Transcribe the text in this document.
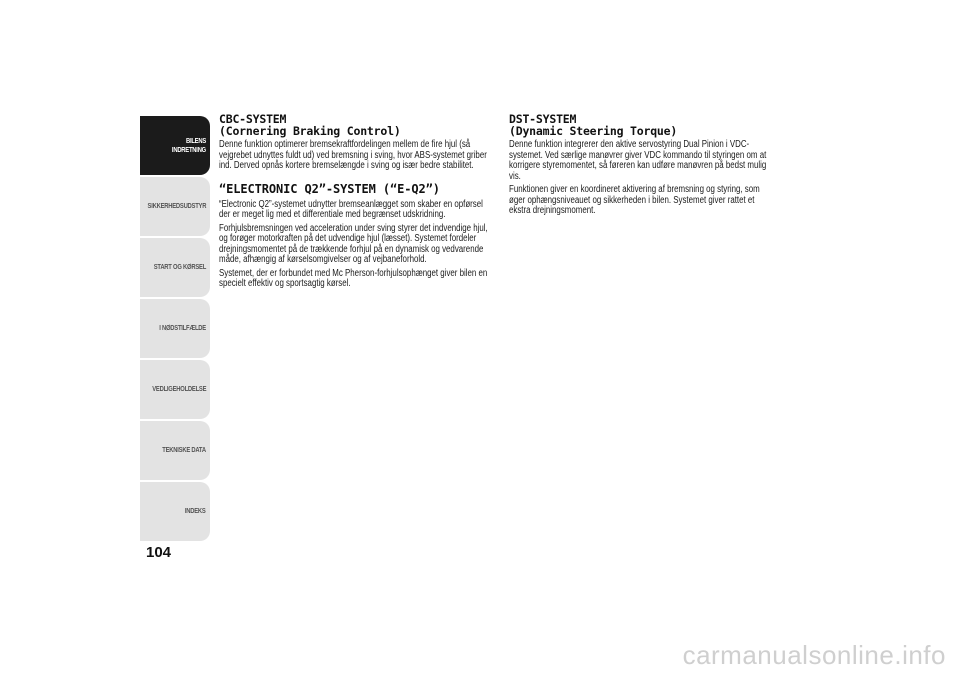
BILENS INDRETNING
SIKKERHEDSUDSTYR
START OG KØRSEL
I NØDSTILFÆLDE
VEDLIGEHOLDELSE
TEKNISKE DATA
INDEKS
104
CBC-SYSTEM
(Cornering Braking Control)

Denne funktion optimerer bremsekraftfordelingen mellem de fire hjul (så vejgrebet udnyttes fuldt ud) ved bremsning i sving, hvor ABS-systemet griber ind. Derved opnås kortere bremselængde i sving og især bedre stabilitet.

“ELECTRONIC Q2”-SYSTEM (“E-Q2”)

“Electronic Q2”-systemet udnytter bremseanlægget som skaber en opførsel der er meget lig med et differentiale med begrænset udskridning.

Forhjulsbremsningen ved acceleration under sving styrer det indvendige hjul, og forøger motorkraften på det udvendige hjul (læsset). Systemet fordeler drejningsmomentet på de trækkende forhjul på en dynamisk og vedvarende måde, afhængig af kørselsomgivelser og af vejbaneforhold.

Systemet, der er forbundet med Mc Pherson-forhjulsophænget giver bilen en specielt effektiv og sportsagtig kørsel.

DST-SYSTEM
(Dynamic Steering Torque)

Denne funktion integrerer den aktive servostyring Dual Pinion i VDC-systemet. Ved særlige manøvrer giver VDC kommando til styringen om at korrigere styremomentet, så føreren kan udføre manøvren på bedst mulig vis.

Funktionen giver en koordineret aktivering af bremsning og styring, som øger ophængsniveauet og sikkerheden i bilen. Systemet giver rattet et ekstra drejningsmoment.

carmanualsonline.info
